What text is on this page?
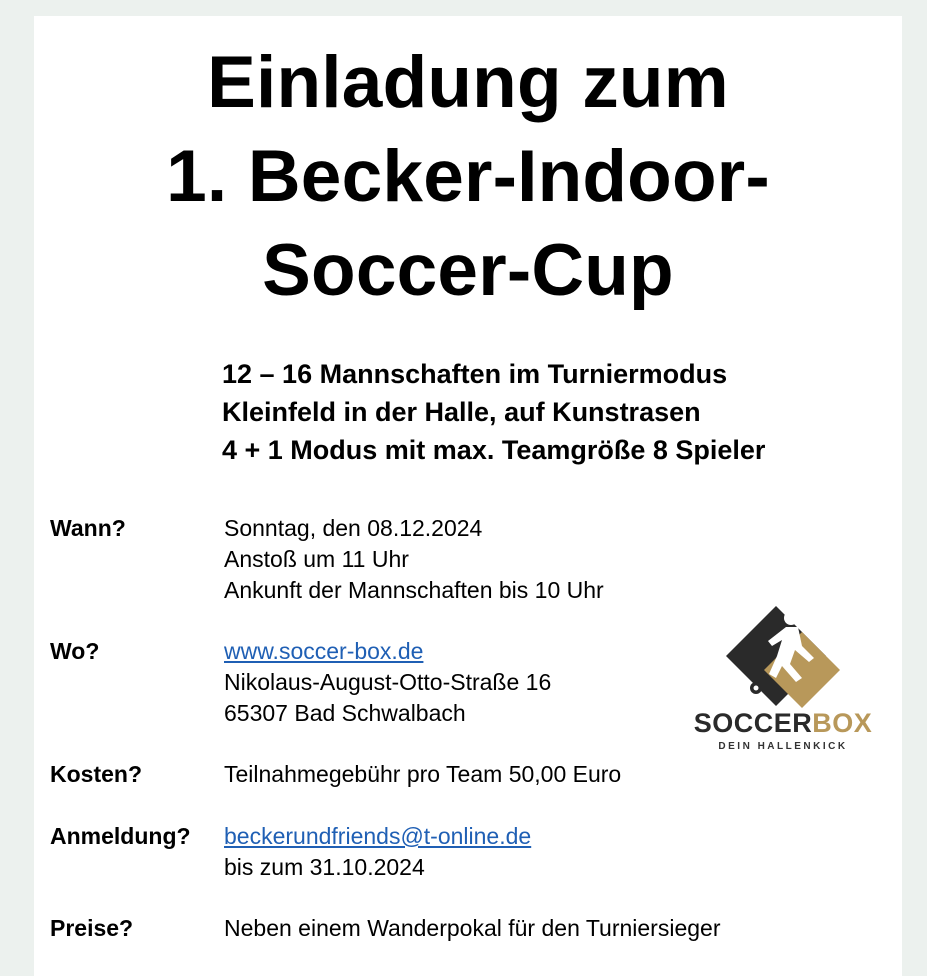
Einladung zum
1. Becker-Indoor-
Soccer-Cup
12 – 16 Mannschaften im Turniermodus
Kleinfeld in der Halle, auf Kunstrasen
4 + 1 Modus mit max. Teamgröße 8 Spieler
Wann?	Sonntag, den 08.12.2024
Anstoß um 11 Uhr
Ankunft der Mannschaften bis 10 Uhr
Wo?	www.soccer-box.de
Nikolaus-August-Otto-Straße 16
65307 Bad Schwalbach
Kosten?	Teilnahmegebühr pro Team 50,00 Euro
Anmeldung? beckerundfriends@t-online.de
bis zum 31.10.2024
Preise?	Neben einem Wanderpokal für den Turniersieger
SOCCERBOX
DEIN HALLENKICK
